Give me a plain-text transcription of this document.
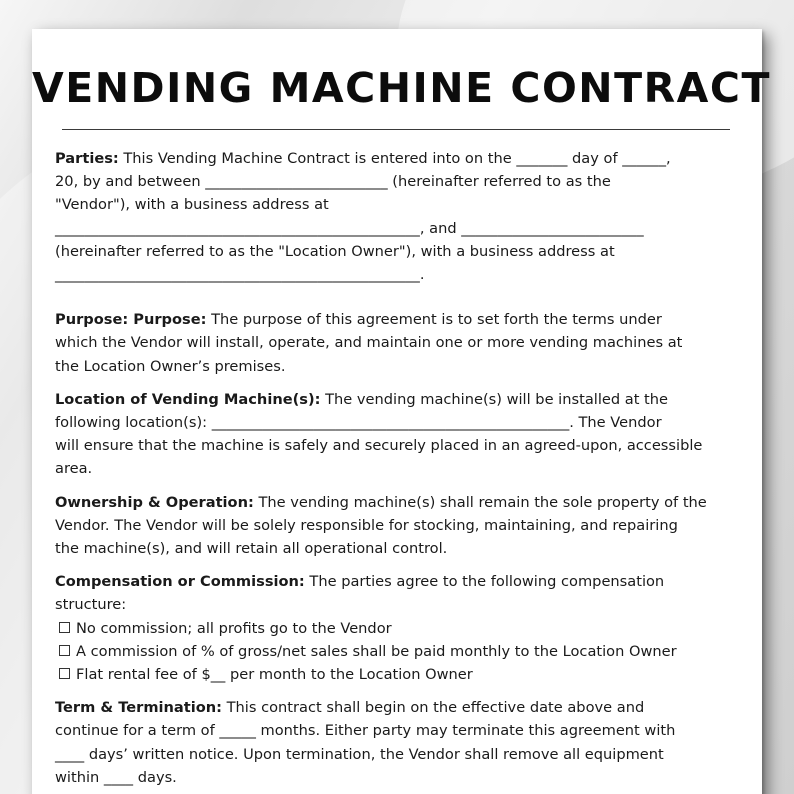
VENDING MACHINE CONTRACT
Parties: This Vending Machine Contract is entered into on the _______ day of ______,
20, by and between _________________________ (hereinafter referred to as the
"Vendor"), with a business address at
__________________________________________________, and _________________________
(hereinafter referred to as the "Location Owner"), with a business address at
__________________________________________________.
Purpose: Purpose: The purpose of this agreement is to set forth the terms under
which the Vendor will install, operate, and maintain one or more vending machines at
the Location Owner’s premises.
Location of Vending Machine(s): The vending machine(s) will be installed at the
following location(s): _________________________________________________. The Vendor
will ensure that the machine is safely and securely placed in an agreed-upon, accessible
area.
Ownership & Operation: The vending machine(s) shall remain the sole property of the
Vendor. The Vendor will be solely responsible for stocking, maintaining, and repairing
the machine(s), and will retain all operational control.
Compensation or Commission: The parties agree to the following compensation
structure:
No commission; all profits go to the Vendor
A commission of % of gross/net sales shall be paid monthly to the Location Owner
Flat rental fee of $__ per month to the Location Owner
Term & Termination: This contract shall begin on the effective date above and
continue for a term of _____ months. Either party may terminate this agreement with
____ days’ written notice. Upon termination, the Vendor shall remove all equipment
within ____ days.
